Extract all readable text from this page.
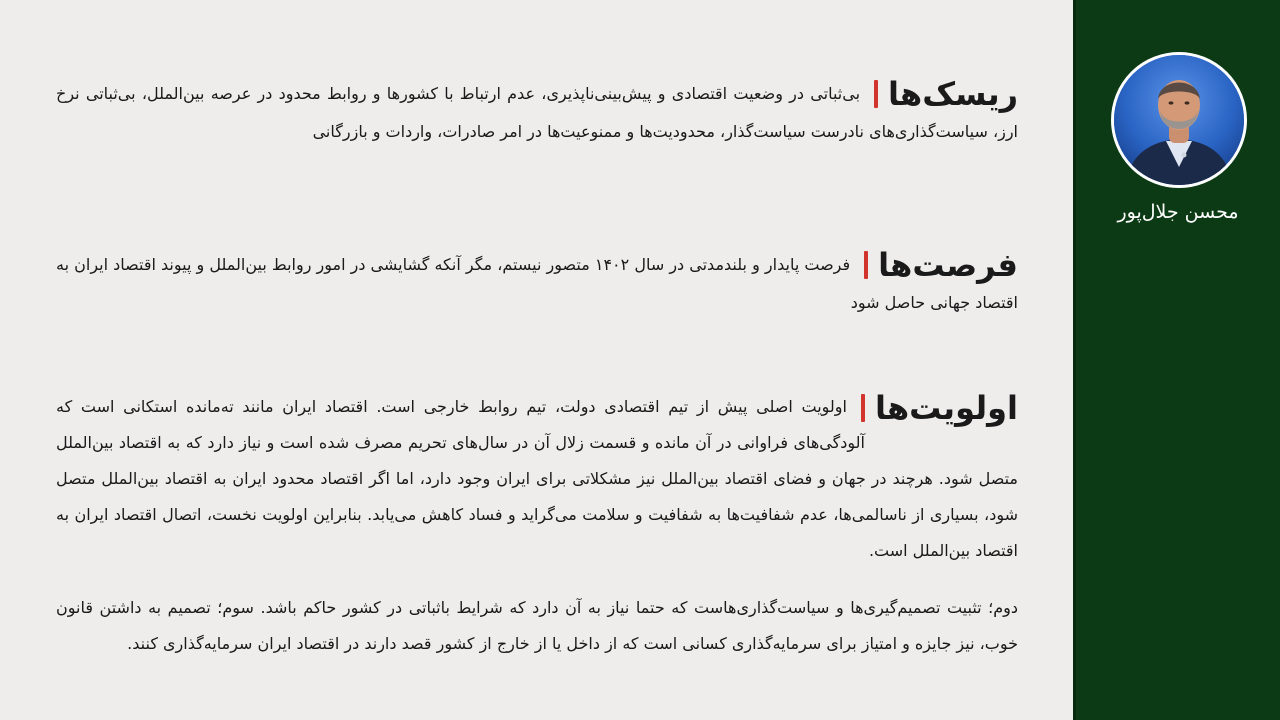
ریسک‌ها
بی‌ثباتی در وضعیت اقتصادی و پیش‌بینی‌ناپذیری، عدم ارتباط با کشورها و روابط محدود در عرصه بین‌الملل، بی‌ثباتی نرخ ارز، سیاست‌گذاری‌های نادرست سیاست‌گذار، محدودیت‌ها و ممنوعیت‌ها در امر صادرات، واردات و بازرگانی

فرصت‌ها
فرصت پایدار و بلندمدتی در سال ۱۴۰۲ متصور نیستم، مگر آنکه گشایشی در امور روابط بین‌الملل و پیوند اقتصاد ایران به اقتصاد جهانی حاصل شود

اولویت‌ها
اولویت اصلی پیش از تیم اقتصادی دولت، تیم روابط خارجی است. اقتصاد ایران مانند ته‌مانده استکانی است که آلودگی‌های فراوانی در آن مانده و قسمت زلال آن در سال‌های تحریم مصرف شده است و نیاز دارد که به اقتصاد بین‌الملل متصل شود. هرچند در جهان و فضای اقتصاد بین‌الملل نیز مشکلاتی برای ایران وجود دارد، اما اگر اقتصاد محدود ایران به اقتصاد بین‌الملل متصل شود، بسیاری از ناسالمی‌ها، عدم شفافیت‌ها به شفافیت و سلامت می‌گراید و فساد کاهش می‌یابد. بنابراین اولویت نخست، اتصال اقتصاد ایران به اقتصاد بین‌الملل است.

دوم؛ تثبیت تصمیم‌گیری‌ها و سیاست‌گذاری‌هاست که حتما نیاز به آن دارد که شرایط باثباتی در کشور حاکم باشد. سوم؛ تصمیم به داشتن قانون خوب، نیز جایزه و امتیاز برای سرمایه‌گذاری کسانی است که از داخل یا از خارج از کشور قصد دارند در اقتصاد ایران سرمایه‌گذاری کنند.

محسن جلال‌پور
